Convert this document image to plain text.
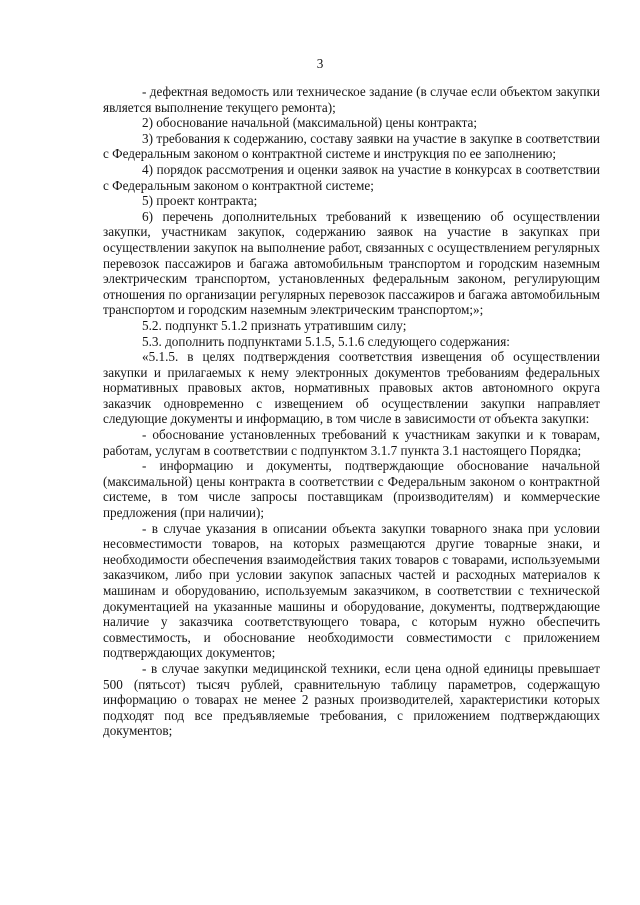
3

- дефектная ведомость или техническое задание (в случае если объектом закупки является выполнение текущего ремонта);

2) обоснование начальной (максимальной) цены контракта;

3) требования к содержанию, составу заявки на участие в закупке в соответствии с Федеральным законом о контрактной системе и инструкция по ее заполнению;

4) порядок рассмотрения и оценки заявок на участие в конкурсах в соответствии с Федеральным законом о контрактной системе;

5) проект контракта;

6) перечень дополнительных требований к извещению об осуществлении закупки, участникам закупок, содержанию заявок на участие в закупках при осуществлении закупок на выполнение работ, связанных с осуществлением регулярных перевозок пассажиров и багажа автомобильным транспортом и городским наземным электрическим транспортом, установленных федеральным законом, регулирующим отношения по организации регулярных перевозок пассажиров и багажа автомобильным транспортом и городским наземным электрическим транспортом;»;

5.2. подпункт 5.1.2 признать утратившим силу;

5.3. дополнить подпунктами 5.1.5, 5.1.6 следующего содержания:

«5.1.5. в целях подтверждения соответствия извещения об осуществлении закупки и прилагаемых к нему электронных документов требованиям федеральных нормативных правовых актов, нормативных правовых актов автономного округа заказчик одновременно с извещением об осуществлении закупки направляет следующие документы и информацию, в том числе в зависимости от объекта закупки:

- обоснование установленных требований к участникам закупки и к товарам, работам, услугам в соответствии с подпунктом 3.1.7 пункта 3.1 настоящего Порядка;

- информацию и документы, подтверждающие обоснование начальной (максимальной) цены контракта в соответствии с Федеральным законом о контрактной системе, в том числе запросы поставщикам (производителям) и коммерческие предложения (при наличии);

- в случае указания в описании объекта закупки товарного знака при условии несовместимости товаров, на которых размещаются другие товарные знаки, и необходимости обеспечения взаимодействия таких товаров с товарами, используемыми заказчиком, либо при условии закупок запасных частей и расходных материалов к машинам и оборудованию, используемым заказчиком, в соответствии с технической документацией на указанные машины и оборудование, документы, подтверждающие наличие у заказчика соответствующего товара, с которым нужно обеспечить совместимость, и обоснование необходимости совместимости с приложением подтверждающих документов;

- в случае закупки медицинской техники, если цена одной единицы превышает 500 (пятьсот) тысяч рублей, сравнительную таблицу параметров, содержащую информацию о товарах не менее 2 разных производителей, характеристики которых подходят под все предъявляемые требования, с приложением подтверждающих документов;
